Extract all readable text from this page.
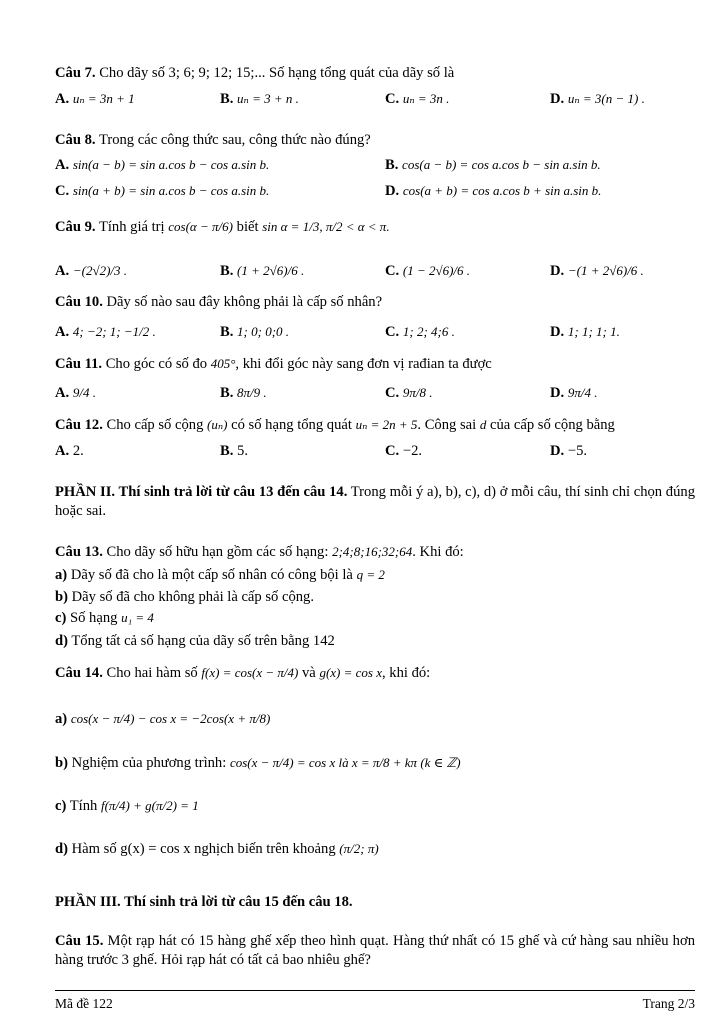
Câu 7. Cho dãy số 3; 6; 9; 12; 15;... Số hạng tổng quát của dãy số là
A. uₙ = 3n + 1	B. uₙ = 3 + n .	C. uₙ = 3n .	D. uₙ = 3(n − 1) .
Câu 8. Trong các công thức sau, công thức nào đúng?
A. sin(a − b) = sin a.cos b − cos a.sin b.	B. cos(a − b) = cos a.cos b − sin a.sin b.
C. sin(a + b) = sin a.cos b − cos a.sin b.	D. cos(a + b) = cos a.cos b + sin a.sin b.
Câu 9. Tính giá trị cos(α − π/6) biết sin α = 1/3, π/2 < α < π.
A. −(2√2)/3 .	B. (1 + 2√6)/6 .	C. (1 − 2√6)/6 .	D. −(1 + 2√6)/6 .
Câu 10. Dãy số nào sau đây không phải là cấp số nhân?
A. 4; −2; 1; −1/2 .	B. 1; 0; 0;0 .	C. 1; 2; 4;6 .	D. 1; 1; 1; 1.
Câu 11. Cho góc có số đo 405°, khi đổi góc này sang đơn vị rađian ta được
A. 9/4 .	B. 8π/9 .	C. 9π/8 .	D. 9π/4 .
Câu 12. Cho cấp số cộng (uₙ) có số hạng tổng quát uₙ = 2n + 5. Công sai d của cấp số cộng bằng
A. 2.	B. 5.	C. −2.	D. −5.
PHẦN II. Thí sinh trả lời từ câu 13 đến câu 14. Trong mỗi ý a), b), c), d) ở mỗi câu, thí sinh chỉ chọn đúng hoặc sai.
Câu 13. Cho dãy số hữu hạn gồm các số hạng: 2;4;8;16;32;64. Khi đó:
a) Dãy số đã cho là một cấp số nhân có công bội là q = 2
b) Dãy số đã cho không phải là cấp số cộng.
c) Số hạng u₁ = 4
d) Tổng tất cả số hạng của dãy số trên bằng 142
Câu 14. Cho hai hàm số f(x) = cos(x − π/4) và g(x) = cos x, khi đó:
a) cos(x − π/4) − cos x = −2cos(x + π/8)
b) Nghiệm của phương trình: cos(x − π/4) = cos x là x = π/8 + kπ (k ∈ ℤ)
c) Tính f(π/4) + g(π/2) = 1
d) Hàm số g(x) = cos x nghịch biến trên khoảng (π/2; π)
PHẦN III. Thí sinh trả lời từ câu 15 đến câu 18.
Câu 15. Một rạp hát có 15 hàng ghế xếp theo hình quạt. Hàng thứ nhất có 15 ghế và cứ hàng sau nhiều hơn hàng trước 3 ghế. Hỏi rạp hát có tất cả bao nhiêu ghế?
Mã đề 122	Trang 2/3
